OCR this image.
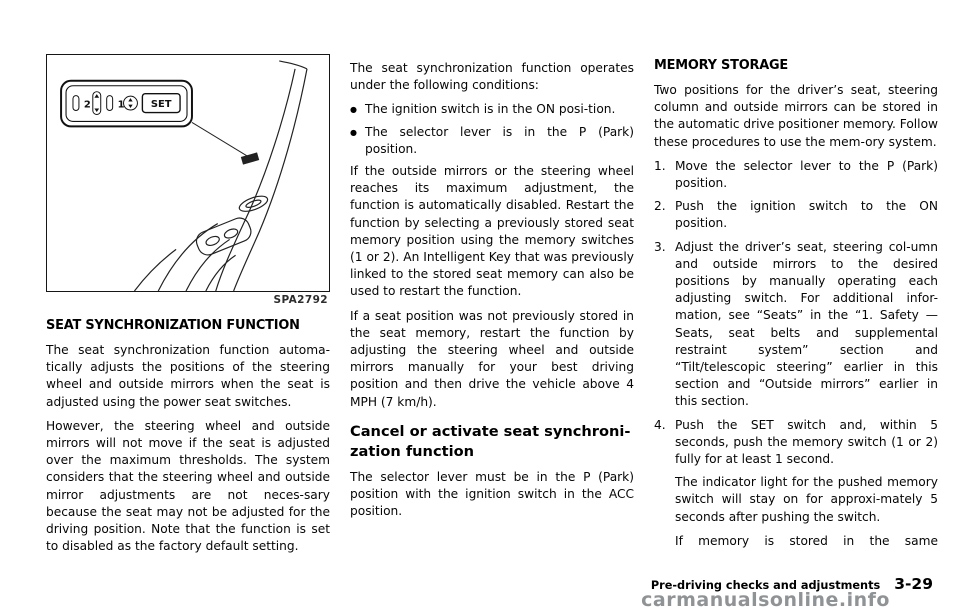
2	1	SET
SPA2792
SEAT SYNCHRONIZATION FUNCTION

The seat synchronization function automa-tically adjusts the positions of the steering wheel and outside mirrors when the seat is adjusted using the power seat switches.

However, the steering wheel and outside mirrors will not move if the seat is adjusted over the maximum thresholds. The system considers that the steering wheel and outside mirror adjustments are not neces-sary because the seat may not be adjusted for the driving position. Note that the function is set to disabled as the factory default setting.

The seat synchronization function operates under the following conditions:

● The ignition switch is in the ON posi-tion.
● The selector lever is in the P (Park) position.

If the outside mirrors or the steering wheel reaches its maximum adjustment, the function is automatically disabled. Restart the function by selecting a previously stored seat memory position using the memory switches (1 or 2). An Intelligent Key that was previously linked to the stored seat memory can also be used to restart the function.

If a seat position was not previously stored in the seat memory, restart the function by adjusting the steering wheel and outside mirrors manually for your best driving position and then drive the vehicle above 4 MPH (7 km/h).

Cancel or activate seat synchroni-
zation function

The selector lever must be in the P (Park) position with the ignition switch in the ACC position.

MEMORY STORAGE

Two positions for the driver’s seat, steering column and outside mirrors can be stored in the automatic drive positioner memory. Follow these procedures to use the mem-ory system.

1. Move the selector lever to the P (Park) position.
2. Push the ignition switch to the ON position.
3. Adjust the driver’s seat, steering col-umn and outside mirrors to the desired positions by manually operating each adjusting switch. For additional infor-mation, see “Seats” in the “1. Safety — Seats, seat belts and supplemental restraint system” section and “Tilt/telescopic steering” earlier in this section and “Outside mirrors” earlier in this section.
4. Push the SET switch and, within 5 seconds, push the memory switch (1 or 2) fully for at least 1 second.

The indicator light for the pushed memory switch will stay on for approxi-mately 5 seconds after pushing the switch.

If memory is stored in the same

Pre-driving checks and adjustments 3-29
carmanualsonline.info
